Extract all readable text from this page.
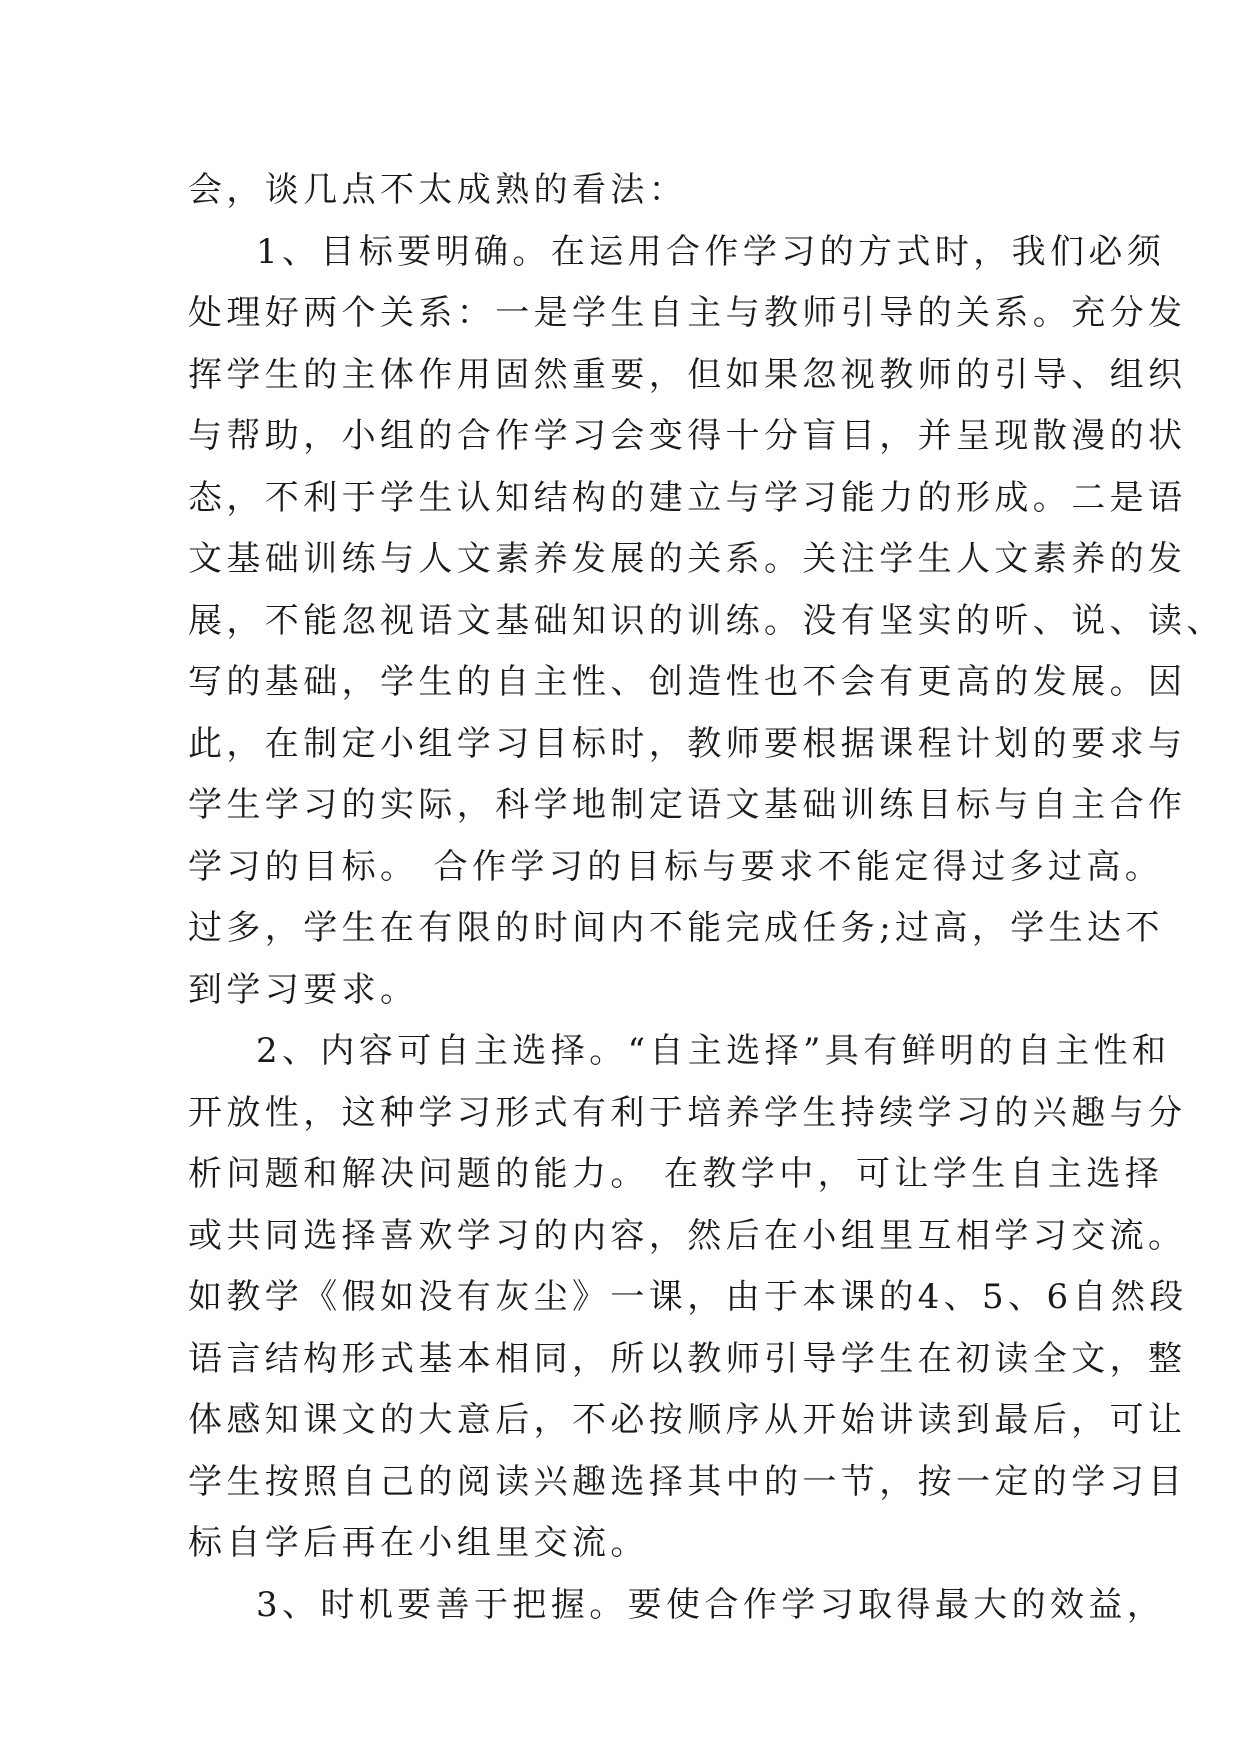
会，谈几点不太成熟的看法：
1、目标要明确。在运用合作学习的方式时，我们必须
处理好两个关系：一是学生自主与教师引导的关系。充分发
挥学生的主体作用固然重要，但如果忽视教师的引导、组织
与帮助，小组的合作学习会变得十分盲目，并呈现散漫的状
态，不利于学生认知结构的建立与学习能力的形成。二是语
文基础训练与人文素养发展的关系。关注学生人文素养的发
展，不能忽视语文基础知识的训练。没有坚实的听、说、读、
写的基础，学生的自主性、创造性也不会有更高的发展。因
此，在制定小组学习目标时，教师要根据课程计划的要求与
学生学习的实际，科学地制定语文基础训练目标与自主合作
学习的目标。 合作学习的目标与要求不能定得过多过高。
过多，学生在有限的时间内不能完成任务;过高，学生达不
到学习要求。
2、内容可自主选择。“自主选择”具有鲜明的自主性和
开放性，这种学习形式有利于培养学生持续学习的兴趣与分
析问题和解决问题的能力。 在教学中，可让学生自主选择
或共同选择喜欢学习的内容，然后在小组里互相学习交流。
如教学《假如没有灰尘》一课，由于本课的4、5、6自然段
语言结构形式基本相同，所以教师引导学生在初读全文，整
体感知课文的大意后，不必按顺序从开始讲读到最后，可让
学生按照自己的阅读兴趣选择其中的一节，按一定的学习目
标自学后再在小组里交流。
3、时机要善于把握。要使合作学习取得最大的效益，
